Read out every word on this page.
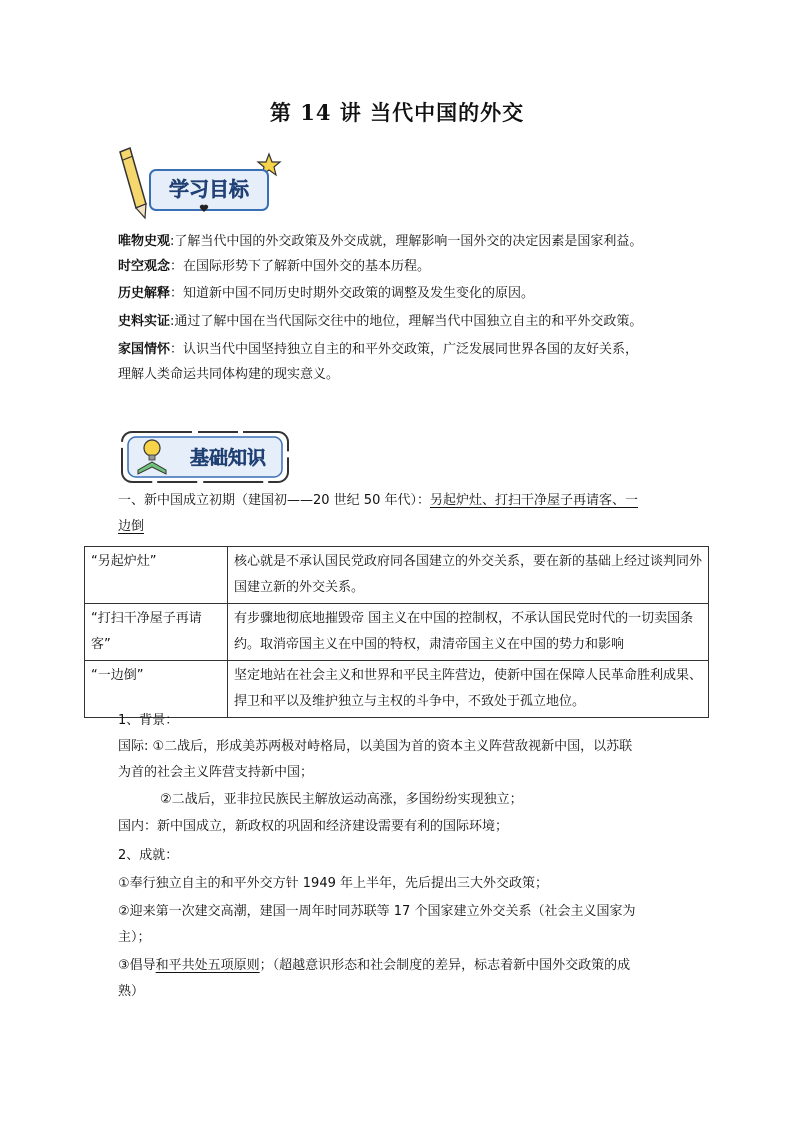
第 14 讲 当代中国的外交
学习目标
唯物史观:了解当代中国的外交政策及外交成就，理解影响一国外交的决定因素是国家利益。
时空观念：在国际形势下了解新中国外交的基本历程。
历史解释：知道新中国不同历史时期外交政策的调整及发生变化的原因。
史料实证:通过了解中国在当代国际交往中的地位，理解当代中国独立自主的和平外交政策。
家国情怀：认识当代中国坚持独立自主的和平外交政策，广泛发展同世界各国的友好关系，
理解人类命运共同体构建的现实意义。
基础知识
一、新中国成立初期（建国初——20 世纪 50 年代）：另起炉灶、打扫干净屋子再请客、一
边倒
“另起炉灶”	核心就是不承认国民党政府同各国建立的外交关系，要在新的基础上经过谈判同外国建立新的外交关系。
“打扫干净屋子再请客”	有步骤地彻底地摧毁帝 国主义在中国的控制权，不承认国民党时代的一切卖国条约。取消帝国主义在中国的特权，肃清帝国主义在中国的势力和影响
“一边倒”	坚定地站在社会主义和世界和平民主阵营边，使新中国在保障人民革命胜利成果、捍卫和平以及维护独立与主权的斗争中，不致处于孤立地位。
1、背景：
国际: ①二战后，形成美苏两极对峙格局，以美国为首的资本主义阵营敌视新中国，以苏联
为首的社会主义阵营支持新中国；
②二战后，亚非拉民族民主解放运动高涨，多国纷纷实现独立；
国内：新中国成立，新政权的巩固和经济建设需要有利的国际环境；
2、成就：
①奉行独立自主的和平外交方针 1949 年上半年，先后提出三大外交政策；
②迎来第一次建交高潮，建国一周年时同苏联等 17 个国家建立外交关系（社会主义国家为
主）；
③倡导和平共处五项原则；（超越意识形态和社会制度的差异，标志着新中国外交政策的成
熟）
